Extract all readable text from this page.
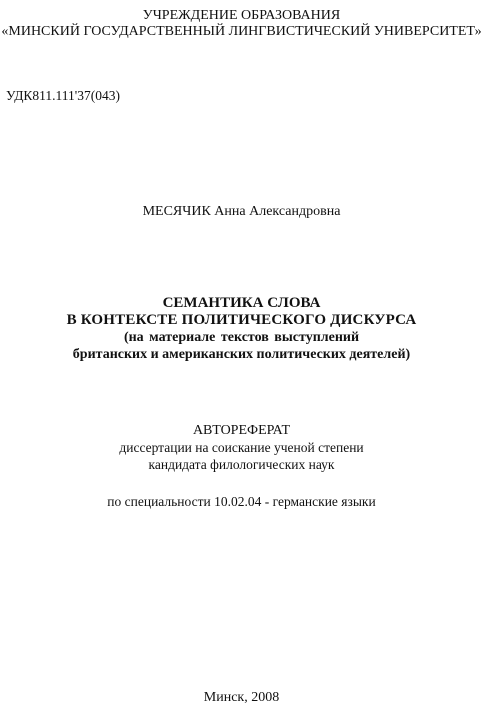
УЧРЕЖДЕНИЕ ОБРАЗОВАНИЯ
«МИНСКИЙ ГОСУДАРСТВЕННЫЙ ЛИНГВИСТИЧЕСКИЙ УНИВЕРСИТЕТ»
УДК811.111'37(043)
МЕСЯЧИК Анна Александровна
СЕМАНТИКА СЛОВА
В КОНТЕКСТЕ ПОЛИТИЧЕСКОГО ДИСКУРСА
(на материале текстов выступлений
британских и американских политических деятелей)
АВТОРЕФЕРАТ
диссертации на соискание ученой степени
кандидата филологических наук
по специальности 10.02.04 - германские языки
Минск, 2008
